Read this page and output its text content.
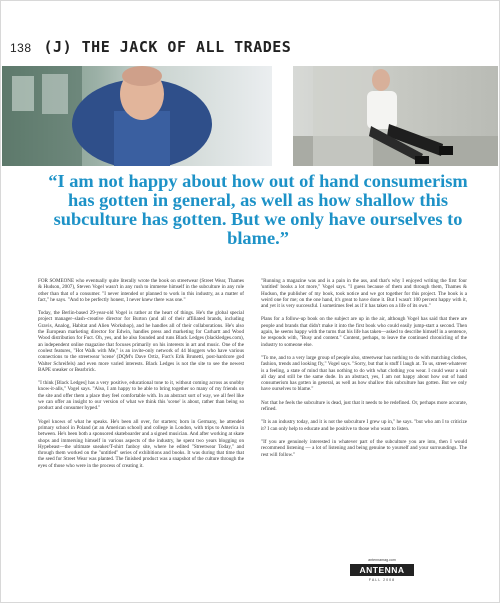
138 (J) THE JACK OF ALL TRADES
“I am not happy about how out of hand consumerism has gotten in general, as well as how shallow this subculture has gotten. But we only have ourselves to blame.”

FOR SOMEONE who eventually quite literally wrote the book on streetwear (Street Wear, Thames & Hudson, 2007), Steven Vogel wasn't in any rush to immerse himself in the subculture in any role other than that of a consumer. "I never intended or planned to work in this industry, as a matter of fact," he says. "And to be perfectly honest, I never knew there was one."

Today, the Berlin-based 29-year-old Vogel is rather at the heart of things. He's the global special project manager–slash–creative director for Burton (and all of their affiliated brands, including Gravis, Analog, Habitat and Alien Workshop), and he handles all of their collaborations. He's also the European marketing director for Edwin, handles press and marketing for Carhartt and Wood Wood distribution for Fuct. Oh, yes, and he also founded and runs Black Ledges (blackledges.com), an independent online magazine that focuses primarily on his interests in art and music. One of the coolest features, "Hot Walk with Me," is an invite-only network of 44 bloggers who have various connections to the streetwear 'scene' (DQM's Dave Ortiz, Fuct's Erik Brunetti, post-hardcore god Walter Schreifels) and even more varied interests. Black Ledges is not the site to see the newest BAPE sneaker or Bearbrick.

"I think [Black Ledges] has a very positive, educational tone to it, without coming across as snobby know-it-alls," Vogel says. "Also, I am happy to be able to bring together so many of my friends on the site and offer them a place they feel comfortable with. In an abstract sort of way, we all feel like we can offer an insight to our version of what we think this 'scene' is about, rather than being so product and consumer hyped."

Vogel knows of what he speaks. He's been all over, for starters; born in Germany, he attended primary school in Poland (at an American school) and college in London, with trips to America in between. He's been both a sponsored skateboarder and a signed musician. And after working at skate shops and immersing himself in various aspects of the industry, he spent two years blogging on Hypebeast—the ultimate sneaker/T-shirt fanboy site, where he edited "Streetwear Today," and through them worked on the "untitled" series of exhibitions and books. It was during that time that the seed for Street Wear was planted. The finished product was a snapshot of the culture through the eyes of those who were in the process of creating it.

"Running a magazine was and is a pain in the ass, and that's why I enjoyed writing the first four 'untitled' books a lot more," Vogel says. "I guess because of them and through them, Thames & Hudson, the publisher of my book, took notice and we got together for this project. The book is a weird one for me; on the one hand, it's great to have done it. But I wasn't 100 percent happy with it, and yet it is very successful. I sometimes feel as if it has taken on a life of its own."

Plans for a follow-up book on the subject are up in the air, although Vogel has said that there are people and brands that didn't make it into the first book who could easily jump-start a second. Then again, he seems happy with the turns that his life has taken—asked to describe himself in a sentence, he responds with, "Busy and content." Content, perhaps, to leave the continued chronicling of the industry to someone else.

"To me, and to a very large group of people also, streetwear has nothing to do with matching clothes, fashion, trends and looking fly," Vogel says. "Sorry, but that is stuff I laugh at. To us, street-whatever is a feeling, a state of mind that has nothing to do with what clothing you wear. I could wear a suit all day and still be the same dude. In an abstract, yes, I am not happy about how out of hand consumerism has gotten in general, as well as how shallow this subculture has gotten. But we only have ourselves to blame."

Not that he feels the subculture is dead, just that it needs to be redefined. Or, perhaps more accurate, refined.

"It is an industry today, and it is not the subculture I grew up in," he says. "but who am I to criticize it? I can only help to educate and be positive to those who want to listen.

"If you are genuinely interested in whatever part of the subculture you are into, then I would recommend listening — a lot of listening and being genuine to yourself and your surroundings. The rest will follow."

antennamag.com
ANTENNA
FALL 2008
